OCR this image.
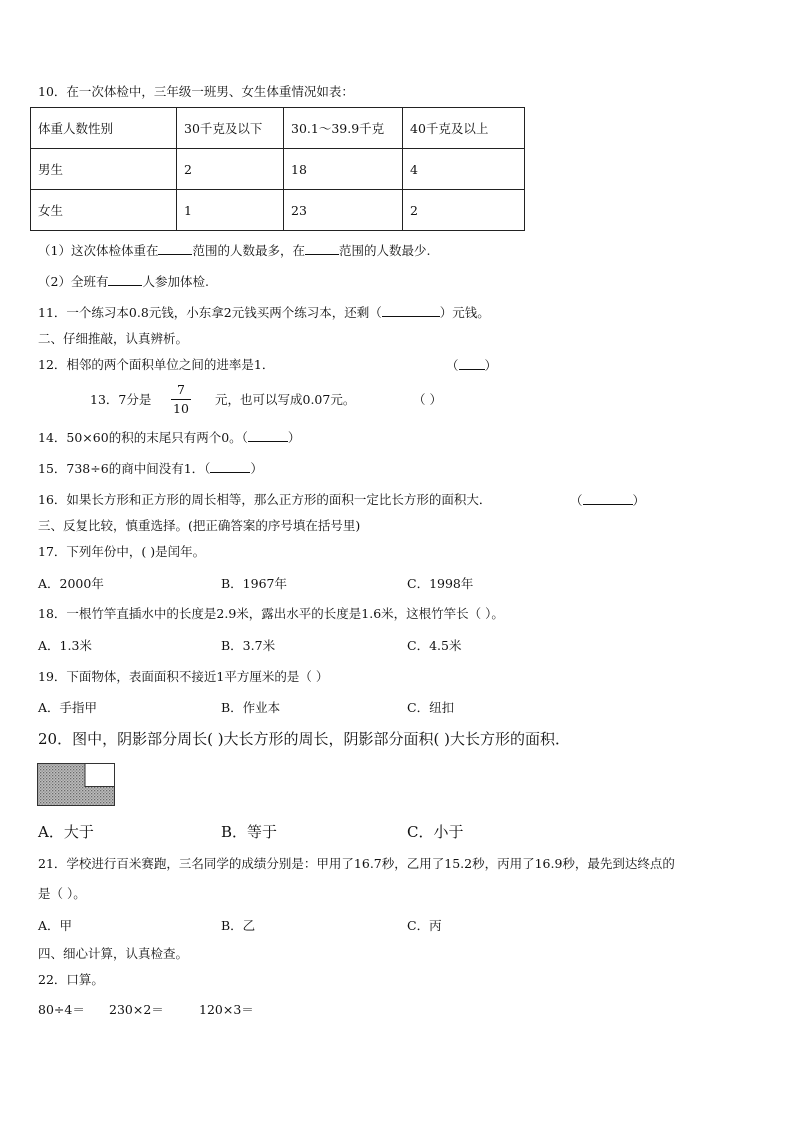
10．在一次体检中，三年级一班男、女生体重情况如表：
体重人数性别	30千克及以下	30.1～39.9千克	40千克及以上
男生	2	18	4
女生	1	23	2
（1）这次体检体重在	范围的人数最多，在	范围的人数最少.
（2）全班有	人参加体检.
11．一个练习本0.8元钱，小东拿2元钱买两个练习本，还剩（	）元钱。
二、仔细推敲，认真辨析。
12．相邻的两个面积单位之间的进率是1．	（ ）
13．7分是
7
10
元，也可以写成0.07元。	（ ）
14．50×60的积的末尾只有两个0。（	）
15．738÷6的商中间没有1．（	）
16．如果长方形和正方形的周长相等，那么正方形的面积一定比长方形的面积大．	（	）
三、反复比较，慎重选择。(把正确答案的序号填在括号里)
17．下列年份中，( )是闰年。
A．2000年	B．1967年	C．1998年
18．一根竹竿直插水中的长度是2.9米，露出水平的长度是1.6米，这根竹竿长（ ）。
A．1.3米	B．3.7米	C．4.5米
19．下面物体，表面面积不接近1平方厘米的是（ ）
A．手指甲	B．作业本	C．纽扣
20．图中，阴影部分周长( )大长方形的周长，阴影部分面积( )大长方形的面积．
A．大于	B．等于	C．小于
21．学校进行百米赛跑，三名同学的成绩分别是：甲用了16.7秒，乙用了15.2秒，丙用了16.9秒，最先到达终点的
是（ ）。
A．甲	B．乙	C．丙
四、细心计算，认真检查。
22．口算。
80÷4＝ 230×2＝	120×3＝
